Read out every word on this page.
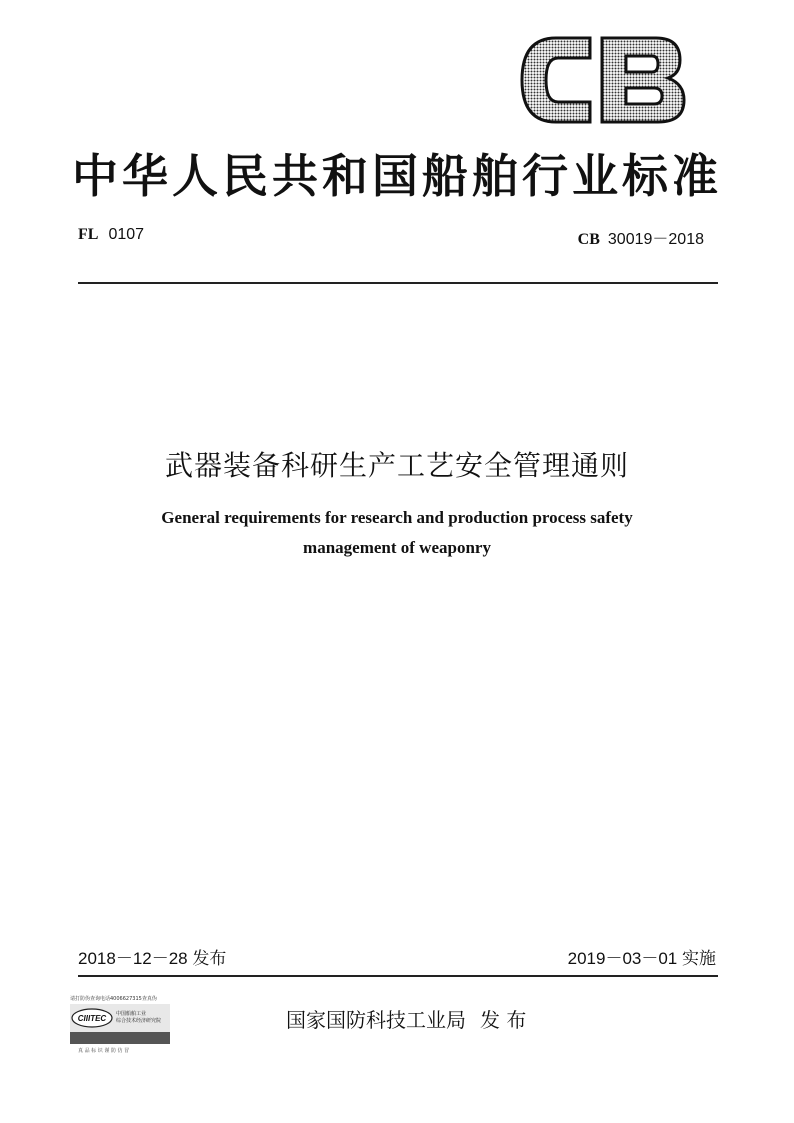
中华人民共和国船舶行业标准
FL 0107	CB 30019－2018
武器装备科研生产工艺安全管理通则
General requirements for research and production process safety
management of weaponry
2018－12－28 发布	2019－03－01 实施
CIIITEC
请打防伪查询电话4006627315查真伪
中国船舶工业
综合技术经济研究院
真 品 标 识 谨 防 仿 冒
国家国防科技工业局 发 布
